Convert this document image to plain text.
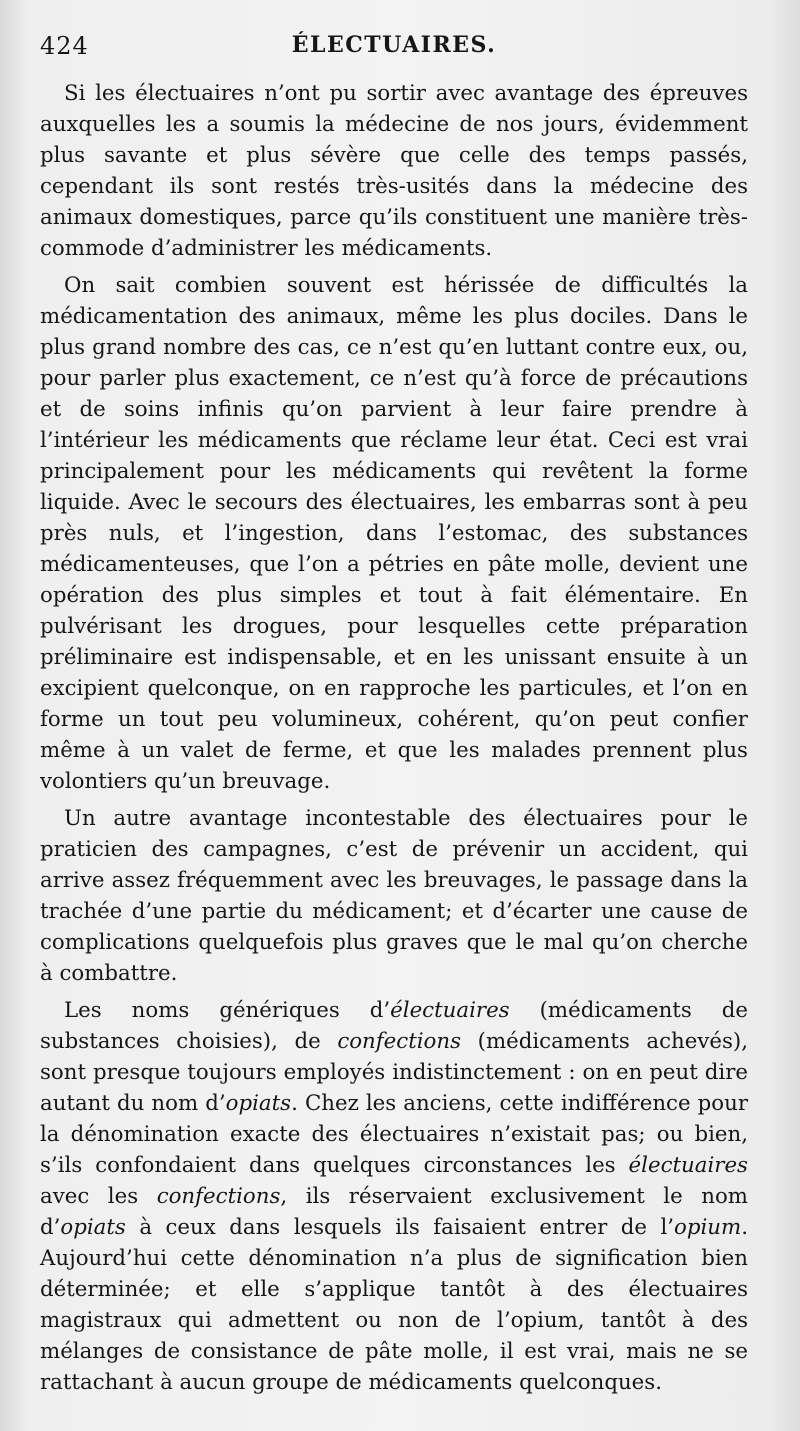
424	ÉLECTUAIRES.

Si les électuaires n’ont pu sortir avec avantage des épreuves auxquelles les a soumis la médecine de nos jours, évidemment plus savante et plus sévère que celle des temps passés, cependant ils sont restés très-usités dans la médecine des animaux domestiques, parce qu’ils constituent une manière très-commode d’administrer les médicaments.

On sait combien souvent est hérissée de difficultés la médicamentation des animaux, même les plus dociles. Dans le plus grand nombre des cas, ce n’est qu’en luttant contre eux, ou, pour parler plus exactement, ce n’est qu’à force de précautions et de soins infinis qu’on parvient à leur faire prendre à l’intérieur les médicaments que réclame leur état. Ceci est vrai principalement pour les médicaments qui revêtent la forme liquide. Avec le secours des électuaires, les embarras sont à peu près nuls, et l’ingestion, dans l’estomac, des substances médicamenteuses, que l’on a pétries en pâte molle, devient une opération des plus simples et tout à fait élémentaire. En pulvérisant les drogues, pour lesquelles cette préparation préliminaire est indispensable, et en les unissant ensuite à un excipient quelconque, on en rapproche les particules, et l’on en forme un tout peu volumineux, cohérent, qu’on peut confier même à un valet de ferme, et que les malades prennent plus volontiers qu’un breuvage.

Un autre avantage incontestable des électuaires pour le praticien des campagnes, c’est de prévenir un accident, qui arrive assez fréquemment avec les breuvages, le passage dans la trachée d’une partie du médicament; et d’écarter une cause de complications quelquefois plus graves que le mal qu’on cherche à combattre.

Les noms génériques d’électuaires (médicaments de substances choisies), de confections (médicaments achevés), sont presque toujours employés indistinctement : on en peut dire autant du nom d’opiats. Chez les anciens, cette indifférence pour la dénomination exacte des électuaires n’existait pas; ou bien, s’ils confondaient dans quelques circonstances les électuaires avec les confections, ils réservaient exclusivement le nom d’opiats à ceux dans lesquels ils faisaient entrer de l’opium. Aujourd’hui cette dénomination n’a plus de signification bien déterminée; et elle s’applique tantôt à des électuaires magistraux qui admettent ou non de l’opium, tantôt à des mélanges de consistance de pâte molle, il est vrai, mais ne se rattachant à aucun groupe de médicaments quelconques.
